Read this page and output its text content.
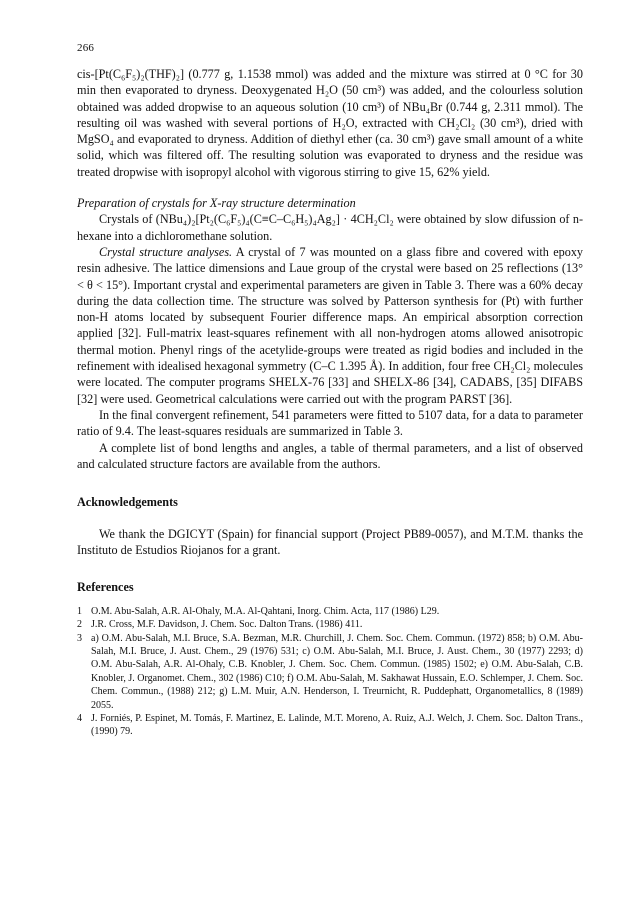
266

cis-[Pt(C₆F₅)₂(THF)₂] (0.777 g, 1.1538 mmol) was added and the mixture was stirred at 0 °C for 30 min then evaporated to dryness. Deoxygenated H₂O (50 cm³) was added, and the colourless solution obtained was added dropwise to an aqueous solution (10 cm³) of NBu₄Br (0.744 g, 2.311 mmol). The resulting oil was washed with several portions of H₂O, extracted with CH₂Cl₂ (30 cm³), dried with MgSO₄ and evaporated to dryness. Addition of diethyl ether (ca. 30 cm³) gave small amount of a white solid, which was filtered off. The resulting solution was evaporated to dryness and the residue was treated dropwise with isopropyl alcohol with vigorous stirring to give 15, 62% yield.

Preparation of crystals for X-ray structure determination

Crystals of (NBu₄)₂[Pt₂(C₆F₅)₄(C≡C–C₆H₅)₄Ag₂] · 4CH₂Cl₂ were obtained by slow difussion of n-hexane into a dichloromethane solution.

Crystal structure analyses. A crystal of 7 was mounted on a glass fibre and covered with epoxy resin adhesive. The lattice dimensions and Laue group of the crystal were based on 25 reflections (13° < θ < 15°). Important crystal and experimental parameters are given in Table 3. There was a 60% decay during the data collection time. The structure was solved by Patterson synthesis for (Pt) with further non-H atoms located by subsequent Fourier difference maps. An empirical absorption correction applied [32]. Full-matrix least-squares refinement with all non-hydrogen atoms allowed anisotropic thermal motion. Phenyl rings of the acetylide-groups were treated as rigid bodies and included in the refinement with idealised hexagonal symmetry (C–C 1.395 Å). In addition, four free CH₂Cl₂ molecules were located. The computer programs SHELX-76 [33] and SHELX-86 [34], CADABS, [35] DIFABS [32] were used. Geometrical calculations were carried out with the program PARST [36].

In the final convergent refinement, 541 parameters were fitted to 5107 data, for a data to parameter ratio of 9.4. The least-squares residuals are summarized in Table 3.

A complete list of bond lengths and angles, a table of thermal parameters, and a list of observed and calculated structure factors are available from the authors.

Acknowledgements

We thank the DGICYT (Spain) for financial support (Project PB89-0057), and M.T.M. thanks the Instituto de Estudios Riojanos for a grant.

References

1 O.M. Abu-Salah, A.R. Al-Ohaly, M.A. Al-Qahtani, Inorg. Chim. Acta, 117 (1986) L29.
2 J.R. Cross, M.F. Davidson, J. Chem. Soc. Dalton Trans. (1986) 411.
3 a) O.M. Abu-Salah, M.I. Bruce, S.A. Bezman, M.R. Churchill, J. Chem. Soc. Chem. Commun. (1972) 858; b) O.M. Abu-Salah, M.I. Bruce, J. Aust. Chem., 29 (1976) 531; c) O.M. Abu-Salah, M.I. Bruce, J. Aust. Chem., 30 (1977) 2293; d) O.M. Abu-Salah, A.R. Al-Ohaly, C.B. Knobler, J. Chem. Soc. Chem. Commun. (1985) 1502; e) O.M. Abu-Salah, C.B. Knobler, J. Organomet. Chem., 302 (1986) C10; f) O.M. Abu-Salah, M. Sakhawat Hussain, E.O. Schlemper, J. Chem. Soc. Chem. Commun., (1988) 212; g) L.M. Muir, A.N. Henderson, I. Treurnicht, R. Puddephatt, Organometallics, 8 (1989) 2055.
4 J. Forniés, P. Espinet, M. Tomás, F. Martinez, E. Lalinde, M.T. Moreno, A. Ruiz, A.J. Welch, J. Chem. Soc. Dalton Trans., (1990) 79.
